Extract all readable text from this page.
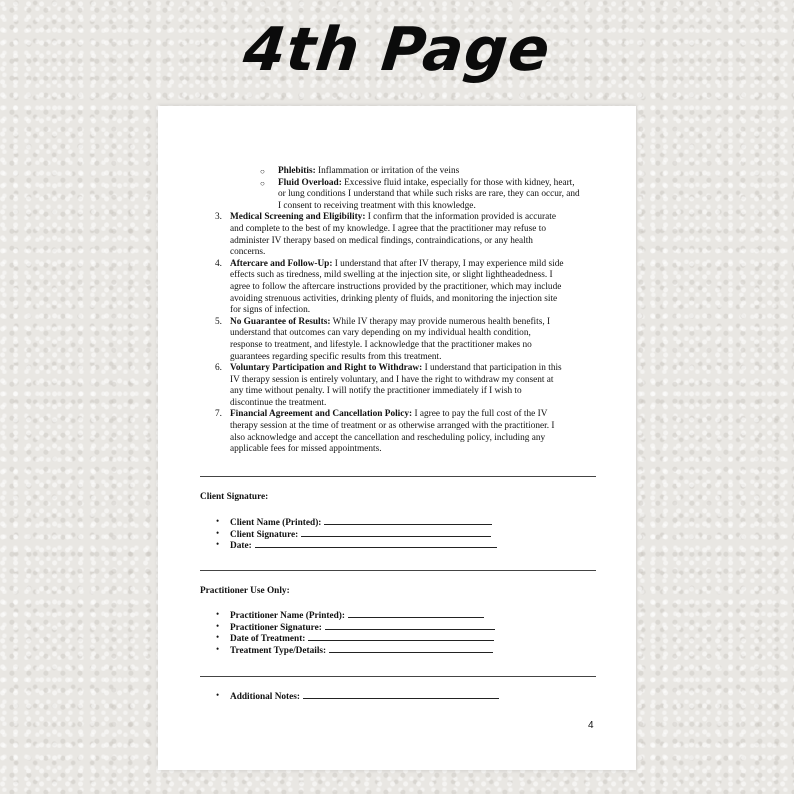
4th Page

○ Phlebitis: Inflammation or irritation of the veins

○ Fluid Overload: Excessive fluid intake, especially for those with kidney, heart,
or lung conditions I understand that while such risks are rare, they can occur, and
I consent to receiving treatment with this knowledge.

3. Medical Screening and Eligibility: I confirm that the information provided is accurate
and complete to the best of my knowledge. I agree that the practitioner may refuse to
administer IV therapy based on medical findings, contraindications, or any health
concerns.

4. Aftercare and Follow-Up: I understand that after IV therapy, I may experience mild side
effects such as tiredness, mild swelling at the injection site, or slight lightheadedness. I
agree to follow the aftercare instructions provided by the practitioner, which may include
avoiding strenuous activities, drinking plenty of fluids, and monitoring the injection site
for signs of infection.

5. No Guarantee of Results: While IV therapy may provide numerous health benefits, I
understand that outcomes can vary depending on my individual health condition,
response to treatment, and lifestyle. I acknowledge that the practitioner makes no
guarantees regarding specific results from this treatment.

6. Voluntary Participation and Right to Withdraw: I understand that participation in this
IV therapy session is entirely voluntary, and I have the right to withdraw my consent at
any time without penalty. I will notify the practitioner immediately if I wish to
discontinue the treatment.

7. Financial Agreement and Cancellation Policy: I agree to pay the full cost of the IV
therapy session at the time of treatment or as otherwise arranged with the practitioner. I
also acknowledge and accept the cancellation and rescheduling policy, including any
applicable fees for missed appointments.

Client Signature:
• Client Name (Printed):
• Client Signature:
• Date:
Practitioner Use Only:
• Practitioner Name (Printed):
• Practitioner Signature:
• Date of Treatment:
• Treatment Type/Details:
• Additional Notes:
4
